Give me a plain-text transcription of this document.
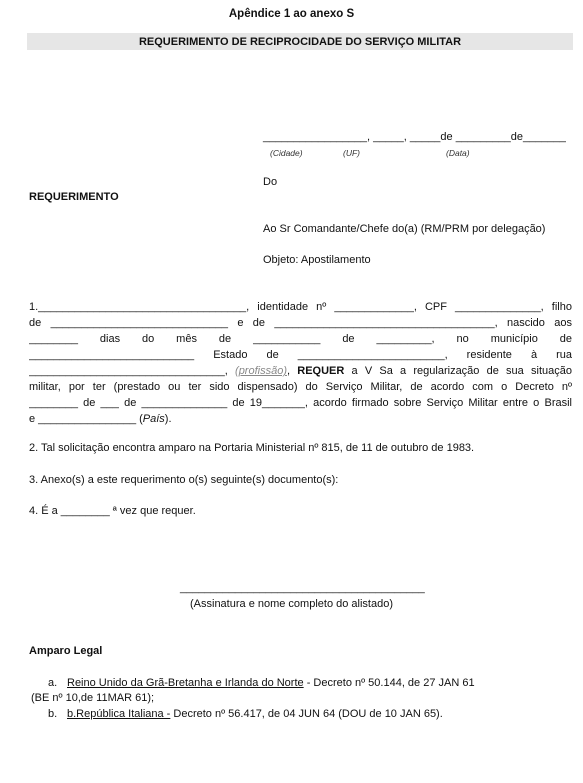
Apêndice 1 ao anexo S
REQUERIMENTO DE RECIPROCIDADE DO SERVIÇO MILITAR
_________________, _____, _____de _________de_______
(Cidade)	(UF)	(Data)
Do
REQUERIMENTO
Ao Sr Comandante/Chefe do(a) (RM/PRM por delegação)
Objeto: Apostilamento
1.__________________________________, identidade nº _____________, CPF ______________, filho
de _____________________________ e de ____________________________________, nascido aos
________ dias do mês de ___________ de _________, no município de
___________________________ Estado de ________________________, residente à rua
________________________________, (profissão), REQUER a V Sa a regularização de sua situação
militar, por ter (prestado ou ter sido dispensado) do Serviço Militar, de acordo com o Decreto nº
________ de ___ de ______________ de 19_______, acordo firmado sobre Serviço Militar entre o Brasil
e ________________ (País).
2. Tal solicitação encontra amparo na Portaria Ministerial nº 815, de 11 de outubro de 1983.
3. Anexo(s) a este requerimento o(s) seguinte(s) documento(s):
4. É a ________ ª vez que requer.
________________________________________
(Assinatura e nome completo do alistado)
Amparo Legal
a. Reino Unido da Grã-Bretanha e Irlanda do Norte - Decreto nº 50.144, de 27 JAN 61
(BE nº 10,de 11MAR 61);
b. b.República Italiana - Decreto nº 56.417, de 04 JUN 64 (DOU de 10 JAN 65).
